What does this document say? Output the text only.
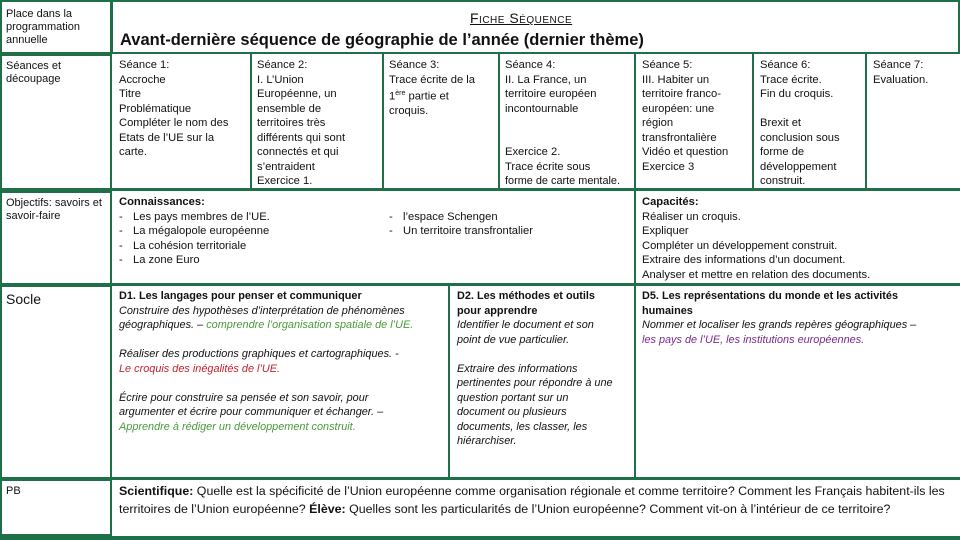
Place dans la programmation annuelle
Fiche Séquence
Avant-dernière séquence de géographie de l’année (dernier thème)
Séances et découpage
Objectifs: savoirs et savoir-faire
Socle
PB
Séance 1:
Accroche
Titre
Problématique
Compléter le nom des
Etats de l’UE sur la
carte.
Séance 2:
I. L’Union
Européenne, un
ensemble de
territoires très
différents qui sont
connectés et qui
s’entraident
Exercice 1.
Séance 3:
Trace écrite de la
1ère partie et
croquis.
Séance 4:
II. La France, un
territoire européen
incontournable
Exercice 2.
Trace écrite sous
forme de carte mentale.
Séance 5:
III. Habiter un
territoire franco-
européen: une
région
transfrontalière
Vidéo et question
Exercice 3
Séance 6:
Trace écrite.
Fin du croquis.
Brexit et
conclusion sous
forme de
développement
construit.
Séance 7:
Evaluation.
Connaissances:
- Les pays membres de l’UE.
- La mégalopole européenne
- La cohésion territoriale
- La zone Euro
- l’espace Schengen
- Un territoire transfrontalier
Capacités:
Réaliser un croquis.
Expliquer
Compléter un développement construit.
Extraire des informations d’un document.
Analyser et mettre en relation des documents.
D1. Les langages pour penser et communiquer
Construire des hypothèses d’interprétation de phénomènes
géographiques. – comprendre l’organisation spatiale de l’UE.
Réaliser des productions graphiques et cartographiques. -
Le croquis des inégalités de l’UE.
Écrire pour construire sa pensée et son savoir, pour
argumenter et écrire pour communiquer et échanger. –
Apprendre à rédiger un développement construit.
D2. Les méthodes et outils
pour apprendre
Identifier le document et son
point de vue particulier.
Extraire des informations
pertinentes pour répondre à une
question portant sur un
document ou plusieurs
documents, les classer, les
hiérarchiser.
D5. Les représentations du monde et les activités
humaines
Nommer et localiser les grands repères géographiques –
les pays de l’UE, les institutions européennes.
Scientifique: Quelle est la spécificité de l’Union européenne comme organisation régionale et comme territoire? Comment les Français habitent-ils les territoires de l’Union européenne? Élève: Quelles sont les particularités de l’Union européenne? Comment vit-on à l’intérieur de ce territoire?
